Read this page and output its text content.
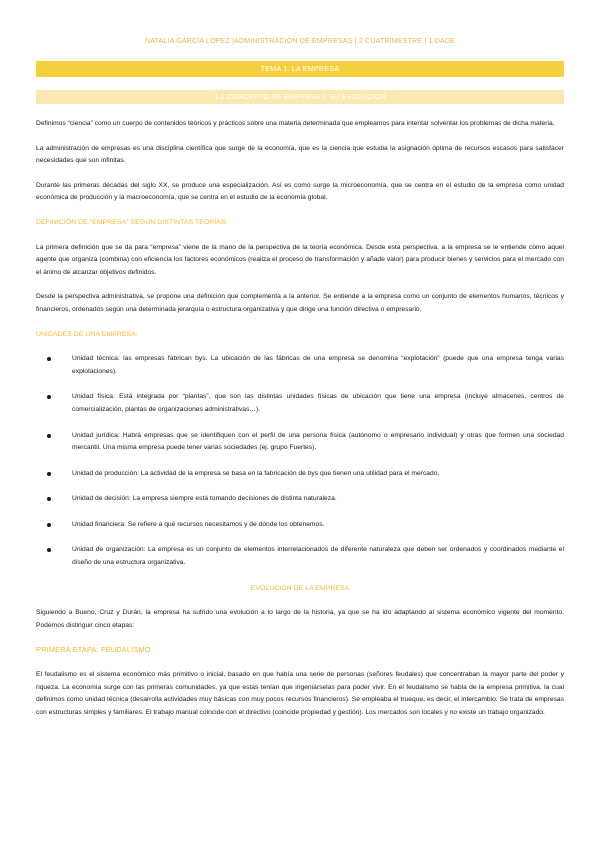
NATALIA GARCÍA LÓPEZ |ADMINISTRACIÓN DE EMPRESAS | 2 CUATRIMESTRE | 1 DADE
TEMA 1. LA EMPRESA
1.1 CONCEPTO DE EMPRESA Y SU EVOLUCIÓN

Definimos “ciencia” como un cuerpo de contenidos teóricos y prácticos sobre una materia determinada que empleamos para intentar solventar los problemas de dicha materia.

La administración de empresas es una disciplina científica que surge de la economía, que es la ciencia que estudia la asignación óptima de recursos escasos para satisfacer necesidades que son infinitas.

Durante las primeras décadas del siglo XX, se produce una especialización. Así es como surge la microeconomía, que se centra en el estudio de la empresa como unidad económica de producción y la macroeconomía, que se centra en el estudio de la economía global.

DEFINICIÓN DE “EMPRESA” SEGÚN DISTINTAS TEORÍAS:

La primera definición que se da para “empresa” viene de la mano de la perspectiva de la teoría económica. Desde esta perspectiva, a la empresa se le entiende como aquel agente que organiza (combina) con eficiencia los factores económicos (realiza el proceso de transformación y añade valor) para producir bienes y servicios para el mercado con el ánimo de alcanzar objetivos definidos.

Desde la perspectiva administrativa, se propone una definición que complementa a la anterior. Se entiende a la empresa como un conjunto de elementos humanos, técnicos y financieros, ordenados según una determinada jerarquía o estructura organizativa y que dirige una función directiva o empresario.

UNIDADES DE UNA EMPRESA:
Unidad técnica: las empresas fabrican bys. La ubicación de las fábricas de una empresa se denomina “explotación” (puede que una empresa tenga varias explotaciones).
Unidad física: Está integrada por “plantas”, que son las distintas unidades físicas de ubicación que tiene una empresa (incluye almacenes, centros de comercialización, plantas de organizaciones administrativas…).
Unidad jurídica: Habrá empresas que se identifiquen con el perfil de una persona física (autónomo o empresario individual) y otras que formen una sociedad mercantil. Una misma empresa puede tener varias sociedades (ej. grupo Fuertes).
Unidad de producción: La actividad de la empresa se basa en la fabricación de bys que tienen una utilidad para el mercado.
Unidad de decisión: La empresa siempre está tomando decisiones de distinta naturaleza.
Unidad financiera: Se refiere a qué recursos necesitamos y de dónde los obtenemos.
Unidad de organización: La empresa es un conjunto de elementos interrelacionados de diferente naturaleza que deben ser ordenados y coordinados mediante el diseño de una estructura organizativa.
EVOLUCIÓN DE LA EMPRESA

Siguiendo a Bueno, Cruz y Durán, la empresa ha sufrido una evolución a lo largo de la historia, ya que se ha ido adaptando al sistema económico vigente del momento. Podemos distinguir cinco etapas:

PRIMERA ETAPA: FEUDALISMO

El feudalismo es el sistema económico más primitivo o inicial, basado en que había una serie de personas (señores feudales) que concentraban la mayor parte del poder y riqueza. La economía surge con las primeras comunidades, ya que estas tenían que ingeniárselas para poder vivir. En el feudalismo se habla de la empresa primitiva, la cual definimos como unidad técnica (desarrolla actividades muy básicas con muy pocos recursos financieros). Se empleaba el trueque, es decir, el intercambio. Se trata de empresas con estructuras simples y familiares. El trabajo manual coincide con el directivo (coincide propiedad y gestión). Los mercados son locales y no existe un trabajo organizado.
